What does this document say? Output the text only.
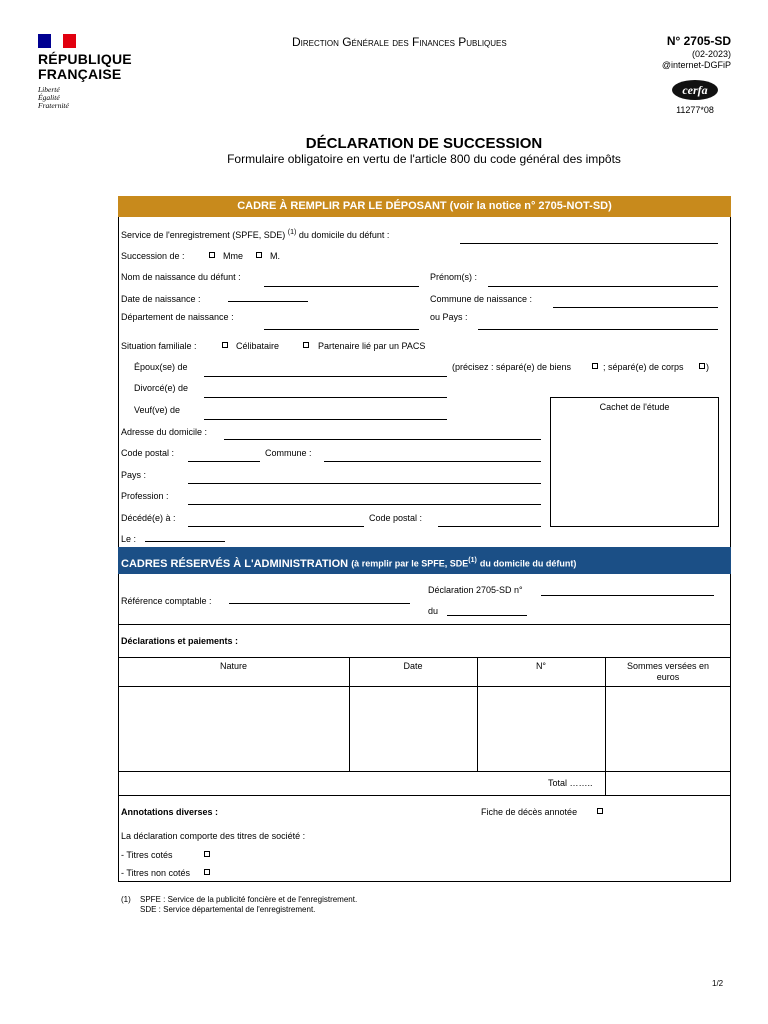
RÉPUBLIQUE
FRANÇAISE
Liberté
Égalité
Fraternité
Direction Générale des Finances Publiques	N° 2705-SD
(02-2023)
@internet-DGFiP
cerfa
11277*08
DÉCLARATION DE SUCCESSION
Formulaire obligatoire en vertu de l'article 800 du code général des impôts
CADRE À REMPLIR PAR LE DÉPOSANT (voir la notice n° 2705-NOT-SD)
Service de l'enregistrement (SPFE, SDE) $^{(1)}$ du domicile du défunt :
Succession de :	Mme	M.
Nom de naissance du défunt :	Prénom(s) :
Date de naissance :	Commune de naissance :
Département de naissance :	ou Pays :
Situation familiale :	Célibataire	Partenaire lié par un PACS
Époux(se) de	(précisez : séparé(e) de biens	; séparé(e) de corps )
Divorcé(e) de
Veuf(ve) de	Cachet de l'étude
Adresse du domicile :
Code postal :	Commune :
Pays :
Profession :
Décédé(e) à :	Code postal :
Le :
CADRES RÉSERVÉS À L'ADMINISTRATION (à remplir par le SPFE, SDE$^{(1)}$ du domicile du défunt)
Déclaration 2705-SD n°
Référence comptable :
du
Déclarations et paiements :
Nature	Date	N°	Sommes versées en euros
Total ……..
Annotations diverses :	Fiche de décès annotée
La déclaration comporte des titres de société :
- Titres cotés
- Titres non cotés
(1) SPFE : Service de la publicité foncière et de l'enregistrement.
SDE : Service départemental de l'enregistrement.
1/2
